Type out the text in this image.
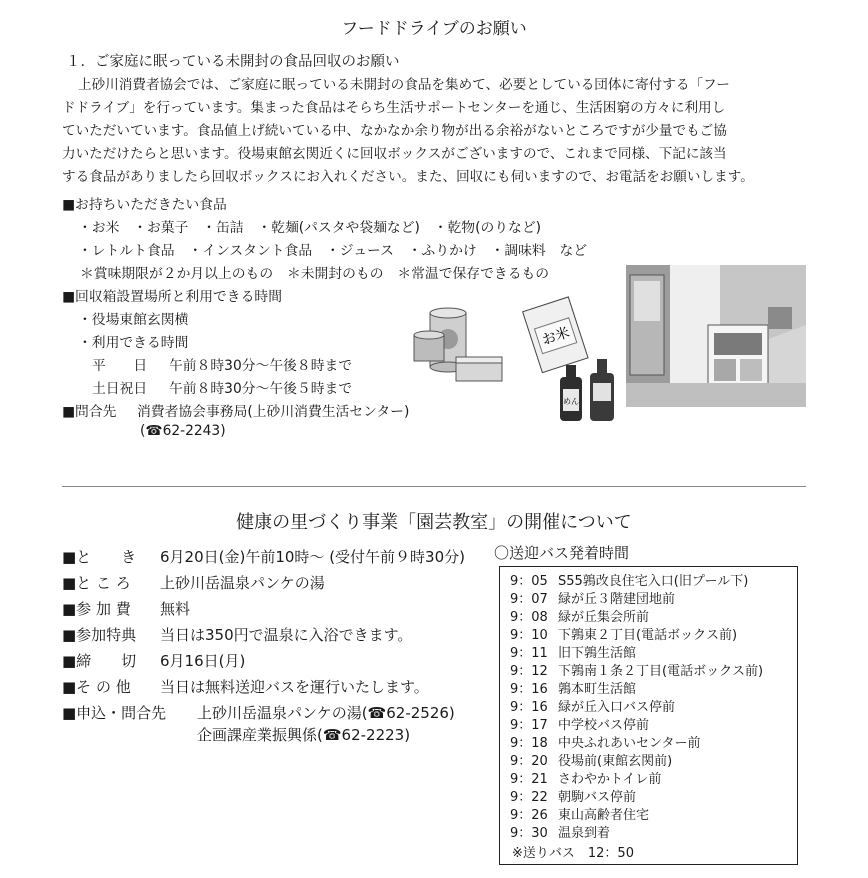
フードドライブのお願い
１．ご家庭に眠っている未開封の食品回収のお願い
上砂川消費者協会では、ご家庭に眠っている未開封の食品を集めて、必要としている団体に寄付する「フー
ドドライブ」を行っています。集まった食品はそらち生活サポートセンターを通じ、生活困窮の方々に利用し
ていただいています。食品値上げ続いている中、なかなか余り物が出る余裕がないところですが少量でもご協
力いただけたらと思います。役場東館玄関近くに回収ボックスがございますので、これまで同様、下記に該当
する食品がありましたら回収ボックスにお入れください。また、回収にも伺いますので、お電話をお願いします。
■お持ちいただきたい食品
・お米　・お菓子　・缶詰　・乾麺(パスタや袋麺など)　・乾物(のりなど)
・レトルト食品　・インスタント食品　・ジュース　・ふりかけ　・調味料　など
＊賞味期限が２か月以上のもの　＊未開封のもの　＊常温で保存できるもの
■回収箱設置場所と利用できる時間
・役場東館玄関横
・利用できる時間
平　　日 午前８時30分～午後８時まで
土日祝日 午前８時30分～午後５時まで
■問合先 消費者協会事務局(上砂川消費生活センター)
(☎62-2243)
お米
めん
健康の里づくり事業「園芸教室」の開催について
■と　　き 6月20日(金)午前10時～ (受付午前９時30分)
■と こ ろ 上砂川岳温泉パンケの湯
■参 加 費 無料
■参加特典 当日は350円で温泉に入浴できます。
■締　　切 6月16日(月)
■そ の 他 当日は無料送迎バスを運行いたします。
■申込・問合先 上砂川岳温泉パンケの湯(☎62-2526)
企画課産業振興係(☎62-2223)
〇送迎バス発着時間
9：05 S55鶉改良住宅入口(旧プール下)
9：07 緑が丘３階建団地前
9：08 緑が丘集会所前
9：10 下鶉東２丁目(電話ボックス前)
9：11 旧下鶉生活館
9：12 下鶉南１条２丁目(電話ボックス前)
9：16 鶉本町生活館
9：16 緑が丘入口バス停前
9：17 中学校バス停前
9：18 中央ふれあいセンター前
9：20 役場前(東館玄関前)
9：21 さわやかトイレ前
9：22 朝駒バス停前
9：26 東山高齢者住宅
9：30 温泉到着
※送りバス　12：50
